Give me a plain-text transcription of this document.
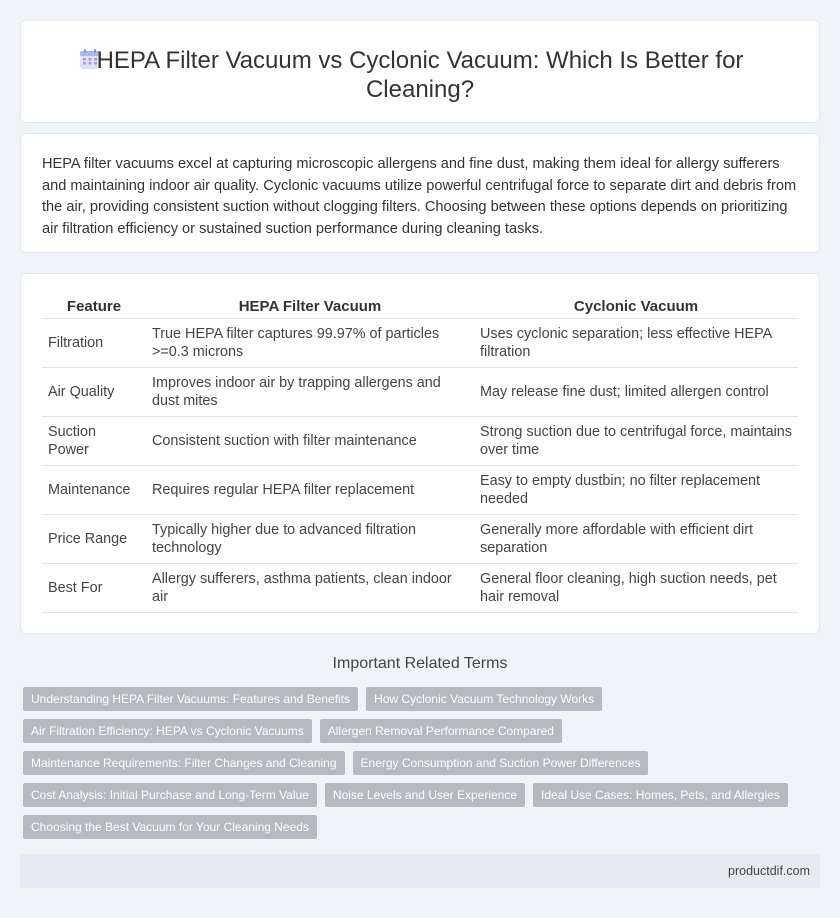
HEPA Filter Vacuum vs Cyclonic Vacuum: Which Is Better for Cleaning?

HEPA filter vacuums excel at capturing microscopic allergens and fine dust, making them ideal for allergy sufferers and maintaining indoor air quality. Cyclonic vacuums utilize powerful centrifugal force to separate dirt and debris from the air, providing consistent suction without clogging filters. Choosing between these options depends on prioritizing air filtration efficiency or sustained suction performance during cleaning tasks.

Feature	HEPA Filter Vacuum	Cyclonic Vacuum
Filtration	True HEPA filter captures 99.97% of particles >=0.3 microns	Uses cyclonic separation; less effective HEPA filtration
Air Quality	Improves indoor air by trapping allergens and dust mites	May release fine dust; limited allergen control
Suction Power	Consistent suction with filter maintenance	Strong suction due to centrifugal force, maintains over time
Maintenance	Requires regular HEPA filter replacement	Easy to empty dustbin; no filter replacement needed
Price Range	Typically higher due to advanced filtration technology	Generally more affordable with efficient dirt separation
Best For	Allergy sufferers, asthma patients, clean indoor air	General floor cleaning, high suction needs, pet hair removal
Important Related Terms
Understanding HEPA Filter Vacuums: Features and Benefits	How Cyclonic Vacuum Technology Works
Air Filtration Efficiency: HEPA vs Cyclonic Vacuums	Allergen Removal Performance Compared
Maintenance Requirements: Filter Changes and Cleaning	Energy Consumption and Suction Power Differences
Cost Analysis: Initial Purchase and Long-Term Value	Noise Levels and User Experience	Ideal Use Cases: Homes, Pets, and Allergies
Choosing the Best Vacuum for Your Cleaning Needs
productdif.com
